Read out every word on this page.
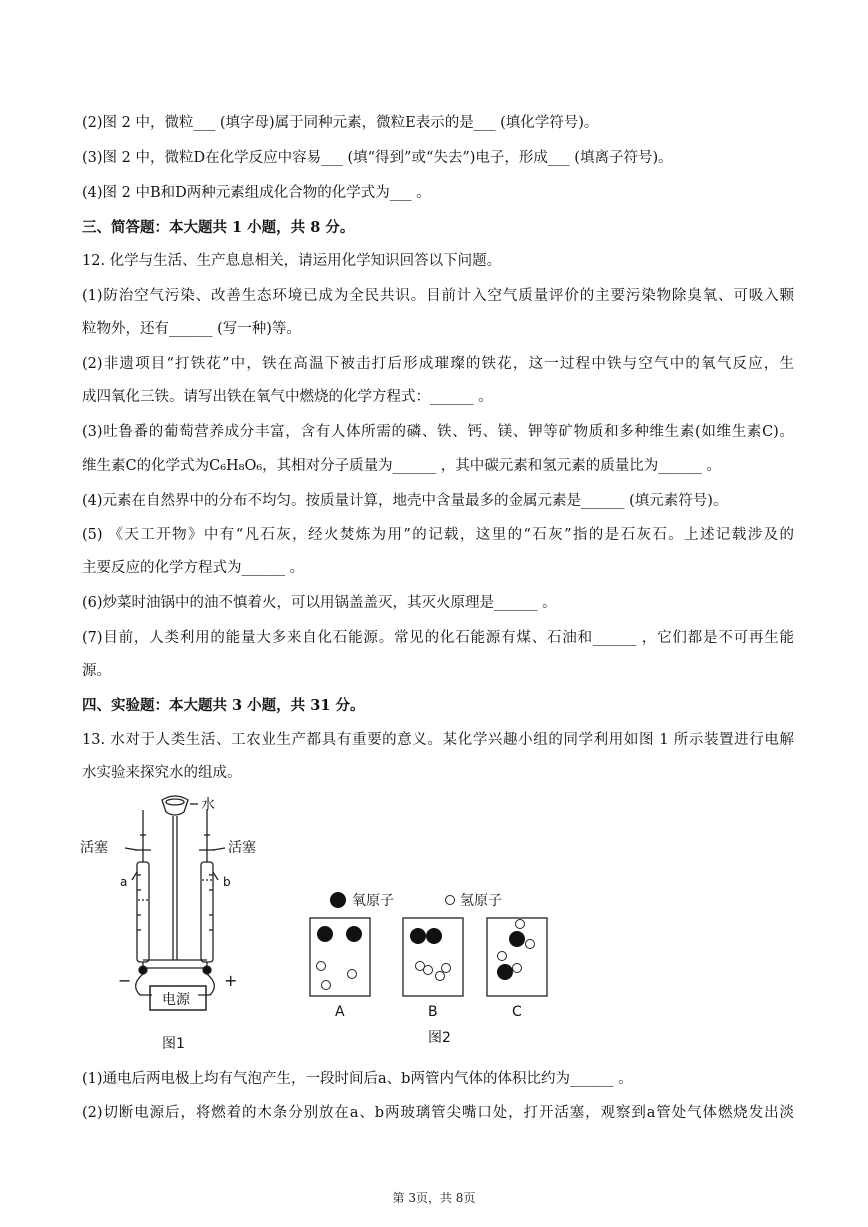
(2)图 2 中，微粒___ (填字母)属于同种元素，微粒E表示的是___ (填化学符号)。
(3)图 2 中，微粒D在化学反应中容易___ (填“得到”或“失去”)电子，形成___ (填离子符号)。
(4)图 2 中B和D两种元素组成化合物的化学式为___ 。
三、简答题：本大题共 1 小题，共 8 分。
12. 化学与生活、生产息息相关，请运用化学知识回答以下问题。
(1)防治空气污染、改善生态环境已成为全民共识。目前计入空气质量评价的主要污染物除臭氧、可吸入颗
粒物外，还有______ (写一种)等。
(2)非遗项目“打铁花”中，铁在高温下被击打后形成璀璨的铁花，这一过程中铁与空气中的氧气反应，生
成四氧化三铁。请写出铁在氧气中燃烧的化学方程式：______ 。
(3)吐鲁番的葡萄营养成分丰富，含有人体所需的磷、铁、钙、镁、钾等矿物质和多种维生素(如维生素C)。
维生素C的化学式为C₆H₈O₆，其相对分子质量为______ ，其中碳元素和氢元素的质量比为______ 。
(4)元素在自然界中的分布不均匀。按质量计算，地壳中含量最多的金属元素是______ (填元素符号)。
(5) 《天工开物》中有“凡石灰，经火焚炼为用”的记载，这里的“石灰”指的是石灰石。上述记载涉及的
主要反应的化学方程式为______ 。
(6)炒菜时油锅中的油不慎着火，可以用锅盖盖灭，其灭火原理是______ 。
(7)目前，人类利用的能量大多来自化石能源。常见的化石能源有煤、石油和______ ，它们都是不可再生能
源。
四、实验题：本大题共 3 小题，共 31 分。
13. 水对于人类生活、工农业生产都具有重要的意义。某化学兴趣小组的同学利用如图 1 所示装置进行电解
水实验来探究水的组成。
水
活塞	活塞
a	b
−	+
电源
图1
氧原子	氢原子
A	B	C
图2
(1)通电后两电极上均有气泡产生，一段时间后a、b两管内气体的体积比约为______ 。
(2)切断电源后，将燃着的木条分别放在a、b两玻璃管尖嘴口处，打开活塞，观察到a管处气体燃烧发出淡
第 3页，共 8页
